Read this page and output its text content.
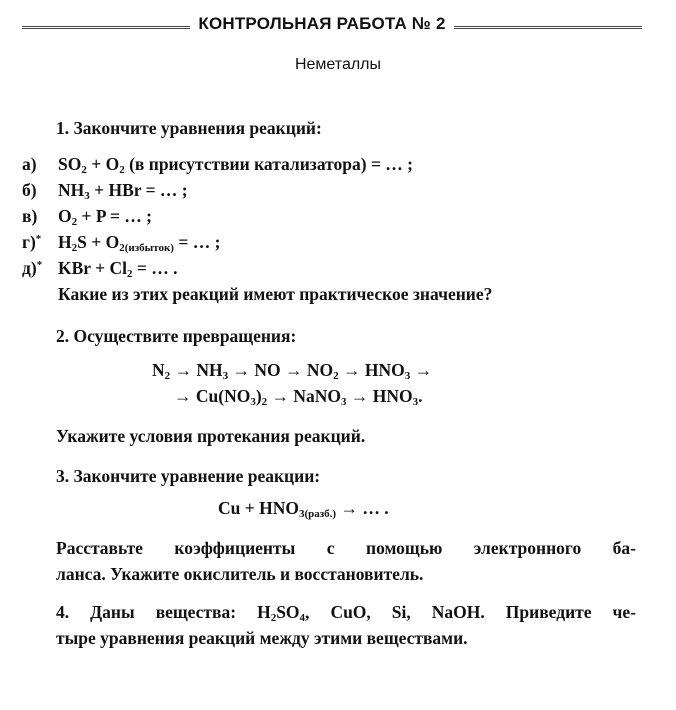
КОНТРОЛЬНАЯ РАБОТА № 2
Неметаллы
1. Закончите уравнения реакций:
а) $SO_2 + O_2$ (в присутствии катализатора) = … ;
б) $NH_3$ + HBr = … ;
в) $O_2 + P$ = … ;
г)* $H_2S + O_{2(избыток)}$ = … ;
д)* KBr + $Cl_2$ = … .
Какие из этих реакций имеют практическое значение?
2. Осуществите превращения:
$N_2 \to NH_3$ → NO → $NO_2 \to HNO_3$ →
→ $Cu(NO_3)_2$ → NaNO$_3$ → $HNO_3$.
Укажите условия протекания реакций.
3. Закончите уравнение реакции:
$Cu + HNO_{3(разб.)}$ → … .
Расставьте коэффициенты с помощью электронного ба-
ланса. Укажите окислитель и восстановитель.
4. Даны вещества: $H_2SO_4$, CuO, Si, NaOH. Приведите че-
тыре уравнения реакций между этими веществами.
